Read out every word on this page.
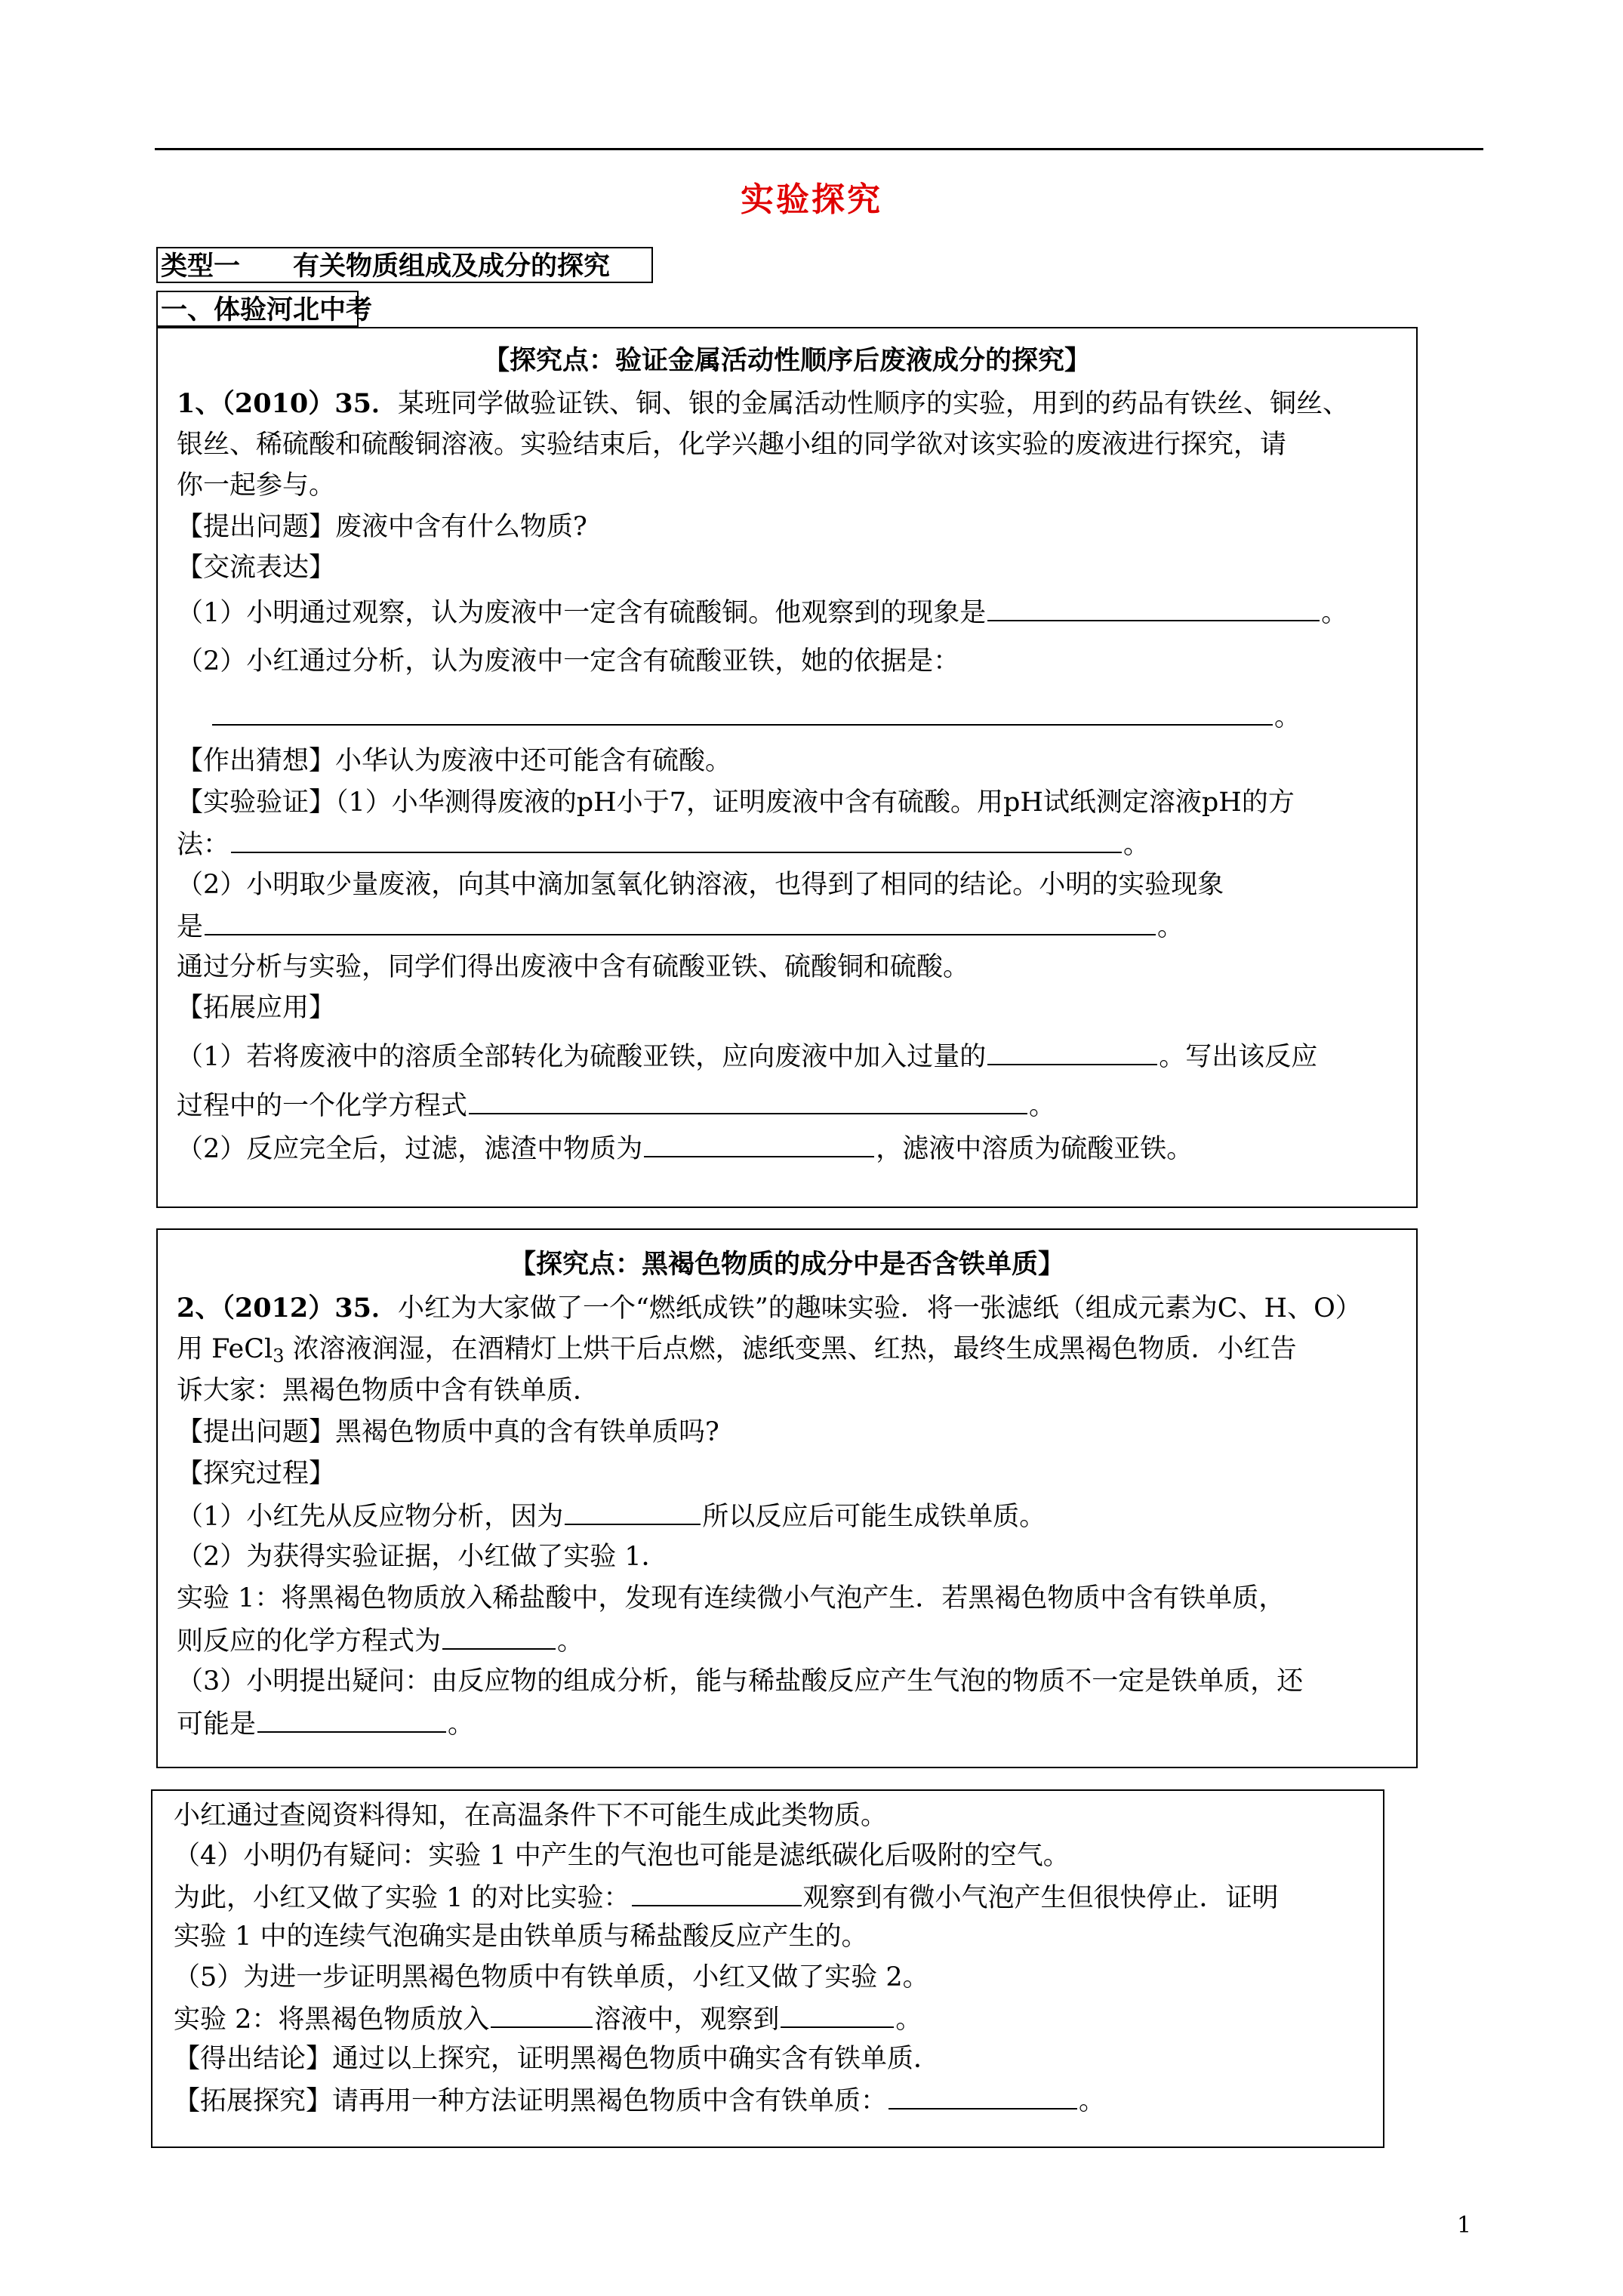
实验探究
类型一　　有关物质组成及成分的探究
一、体验河北中考
【探究点：验证金属活动性顺序后废液成分的探究】
1、（2010）35．某班同学做验证铁、铜、银的金属活动性顺序的实验，用到的药品有铁丝、铜丝、
银丝、稀硫酸和硫酸铜溶液。实验结束后，化学兴趣小组的同学欲对该实验的废液进行探究，请
你一起参与。
【提出问题】废液中含有什么物质?
【交流表达】
（1）小明通过观察，认为废液中一定含有硫酸铜。他观察到的现象是	。
（2）小红通过分析，认为废液中一定含有硫酸亚铁，她的依据是：
。
【作出猜想】小华认为废液中还可能含有硫酸。
【实验验证】（1）小华测得废液的pH小于7，证明废液中含有硫酸。用pH试纸测定溶液pH的方
法：	。
（2）小明取少量废液，向其中滴加氢氧化钠溶液，也得到了相同的结论。小明的实验现象
是	。
通过分析与实验，同学们得出废液中含有硫酸亚铁、硫酸铜和硫酸。
【拓展应用】
（1）若将废液中的溶质全部转化为硫酸亚铁，应向废液中加入过量的	。写出该反应
过程中的一个化学方程式	。
（2）反应完全后，过滤，滤渣中物质为	，滤液中溶质为硫酸亚铁。
【探究点：黑褐色物质的成分中是否含铁单质】
2、（2012）35．小红为大家做了一个“燃纸成铁”的趣味实验．将一张滤纸（组成元素为C、H、O）
用 FeCl$_3$ 浓溶液润湿，在酒精灯上烘干后点燃，滤纸变黑、红热，最终生成黑褐色物质．小红告
诉大家：黑褐色物质中含有铁单质．
【提出问题】黑褐色物质中真的含有铁单质吗?
【探究过程】
（1）小红先从反应物分析，因为	所以反应后可能生成铁单质。
（2）为获得实验证据，小红做了实验 1．
实验 1：将黑褐色物质放入稀盐酸中，发现有连续微小气泡产生．若黑褐色物质中含有铁单质，
则反应的化学方程式为	。
（3）小明提出疑问：由反应物的组成分析，能与稀盐酸反应产生气泡的物质不一定是铁单质，还
可能是	。
小红通过查阅资料得知，在高温条件下不可能生成此类物质。
（4）小明仍有疑问：实验 1 中产生的气泡也可能是滤纸碳化后吸附的空气。
为此，小红又做了实验 1 的对比实验：	观察到有微小气泡产生但很快停止．证明
实验 1 中的连续气泡确实是由铁单质与稀盐酸反应产生的。
（5）为进一步证明黑褐色物质中有铁单质，小红又做了实验 2。
实验 2：将黑褐色物质放入	溶液中，观察到	。
【得出结论】通过以上探究，证明黑褐色物质中确实含有铁单质．
【拓展探究】请再用一种方法证明黑褐色物质中含有铁单质：	。
1
